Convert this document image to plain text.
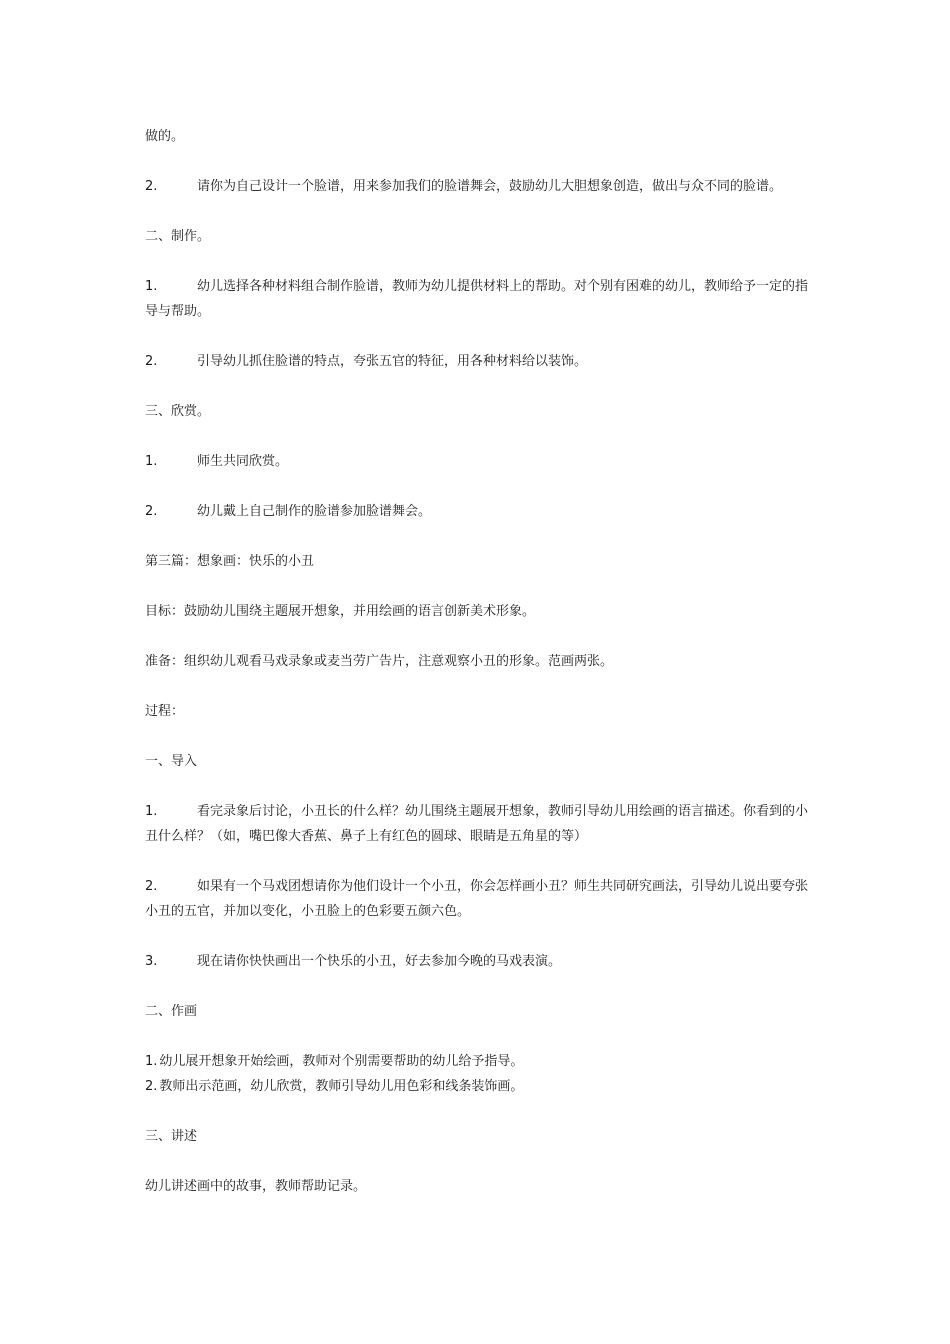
做的。

2.	请你为自己设计一个脸谱，用来参加我们的脸谱舞会，鼓励幼儿大胆想象创造，做出与众不同的脸谱。

二、制作。

1.	幼儿选择各种材料组合制作脸谱，教师为幼儿提供材料上的帮助。对个别有困难的幼儿，教师给予一定的指导与帮助。

2.	引导幼儿抓住脸谱的特点，夸张五官的特征，用各种材料给以装饰。

三、欣赏。

1.	师生共同欣赏。

2.	幼儿戴上自己制作的脸谱参加脸谱舞会。

第三篇：想象画：快乐的小丑

目标：鼓励幼儿围绕主题展开想象，并用绘画的语言创新美术形象。

准备：组织幼儿观看马戏录象或麦当劳广告片，注意观察小丑的形象。范画两张。

过程：

一、导入

1.	看完录象后讨论，小丑长的什么样？幼儿围绕主题展开想象，教师引导幼儿用绘画的语言描述。你看到的小丑什么样？（如，嘴巴像大香蕉、鼻子上有红色的圆球、眼睛是五角星的等）

2.	如果有一个马戏团想请你为他们设计一个小丑，你会怎样画小丑？师生共同研究画法，引导幼儿说出要夸张小丑的五官，并加以变化，小丑脸上的色彩要五颜六色。

3.	现在请你快快画出一个快乐的小丑，好去参加今晚的马戏表演。

二、作画

1. 幼儿展开想象开始绘画，教师对个别需要帮助的幼儿给予指导。

2. 教师出示范画，幼儿欣赏，教师引导幼儿用色彩和线条装饰画。

三、讲述

幼儿讲述画中的故事，教师帮助记录。
